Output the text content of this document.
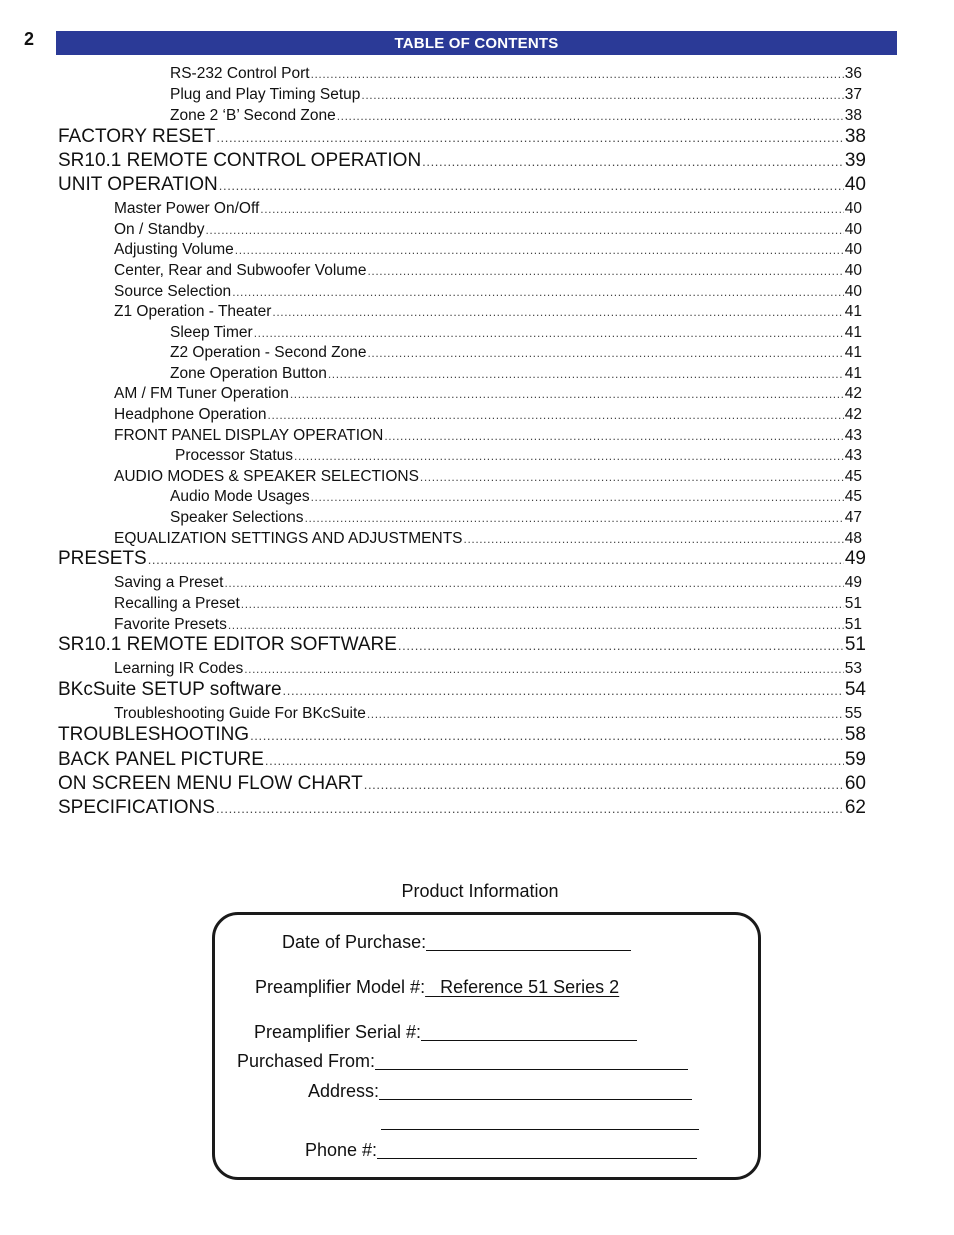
2	TABLE OF CONTENTS
RS-232 Control Port .....	36
Plug and Play Timing Setup .....	37
Zone 2 ‘B’ Second Zone .....	38
FACTORY RESET .....	38
SR10.1 REMOTE CONTROL OPERATION .....	39
UNIT OPERATION .....	40
Master Power On/Off .....	40
On / Standby .....	40
Adjusting Volume .....	40
Center, Rear and Subwoofer Volume .....	40
Source Selection .....	40
Z1 Operation - Theater .....	41
Sleep Timer .....	41
Z2 Operation - Second Zone .....	41
Zone Operation Button .....	41
AM / FM Tuner Operation .....	42
Headphone Operation .....	42
FRONT PANEL DISPLAY OPERATION .....	43
Processor Status .....	43
AUDIO MODES & SPEAKER SELECTIONS .....	45
Audio Mode Usages .....	45
Speaker Selections .....	47
EQUALIZATION SETTINGS AND ADJUSTMENTS .....	48
PRESETS .....	49
Saving a Preset .....	49
Recalling a Preset .....	51
Favorite Presets .....	51
SR10.1 REMOTE EDITOR SOFTWARE .....	51
Learning IR Codes .....	53
BKcSuite SETUP software .....	54
Troubleshooting Guide For BKcSuite .....	55
TROUBLESHOOTING .....	58
BACK PANEL PICTURE .....	59
ON SCREEN MENU FLOW CHART .....	60
SPECIFICATIONS .....	62
Product Information
Date of Purchase:
Preamplifier Model #: Reference 51 Series 2
Preamplifier Serial #:
Purchased From:
Address:
Phone #:
